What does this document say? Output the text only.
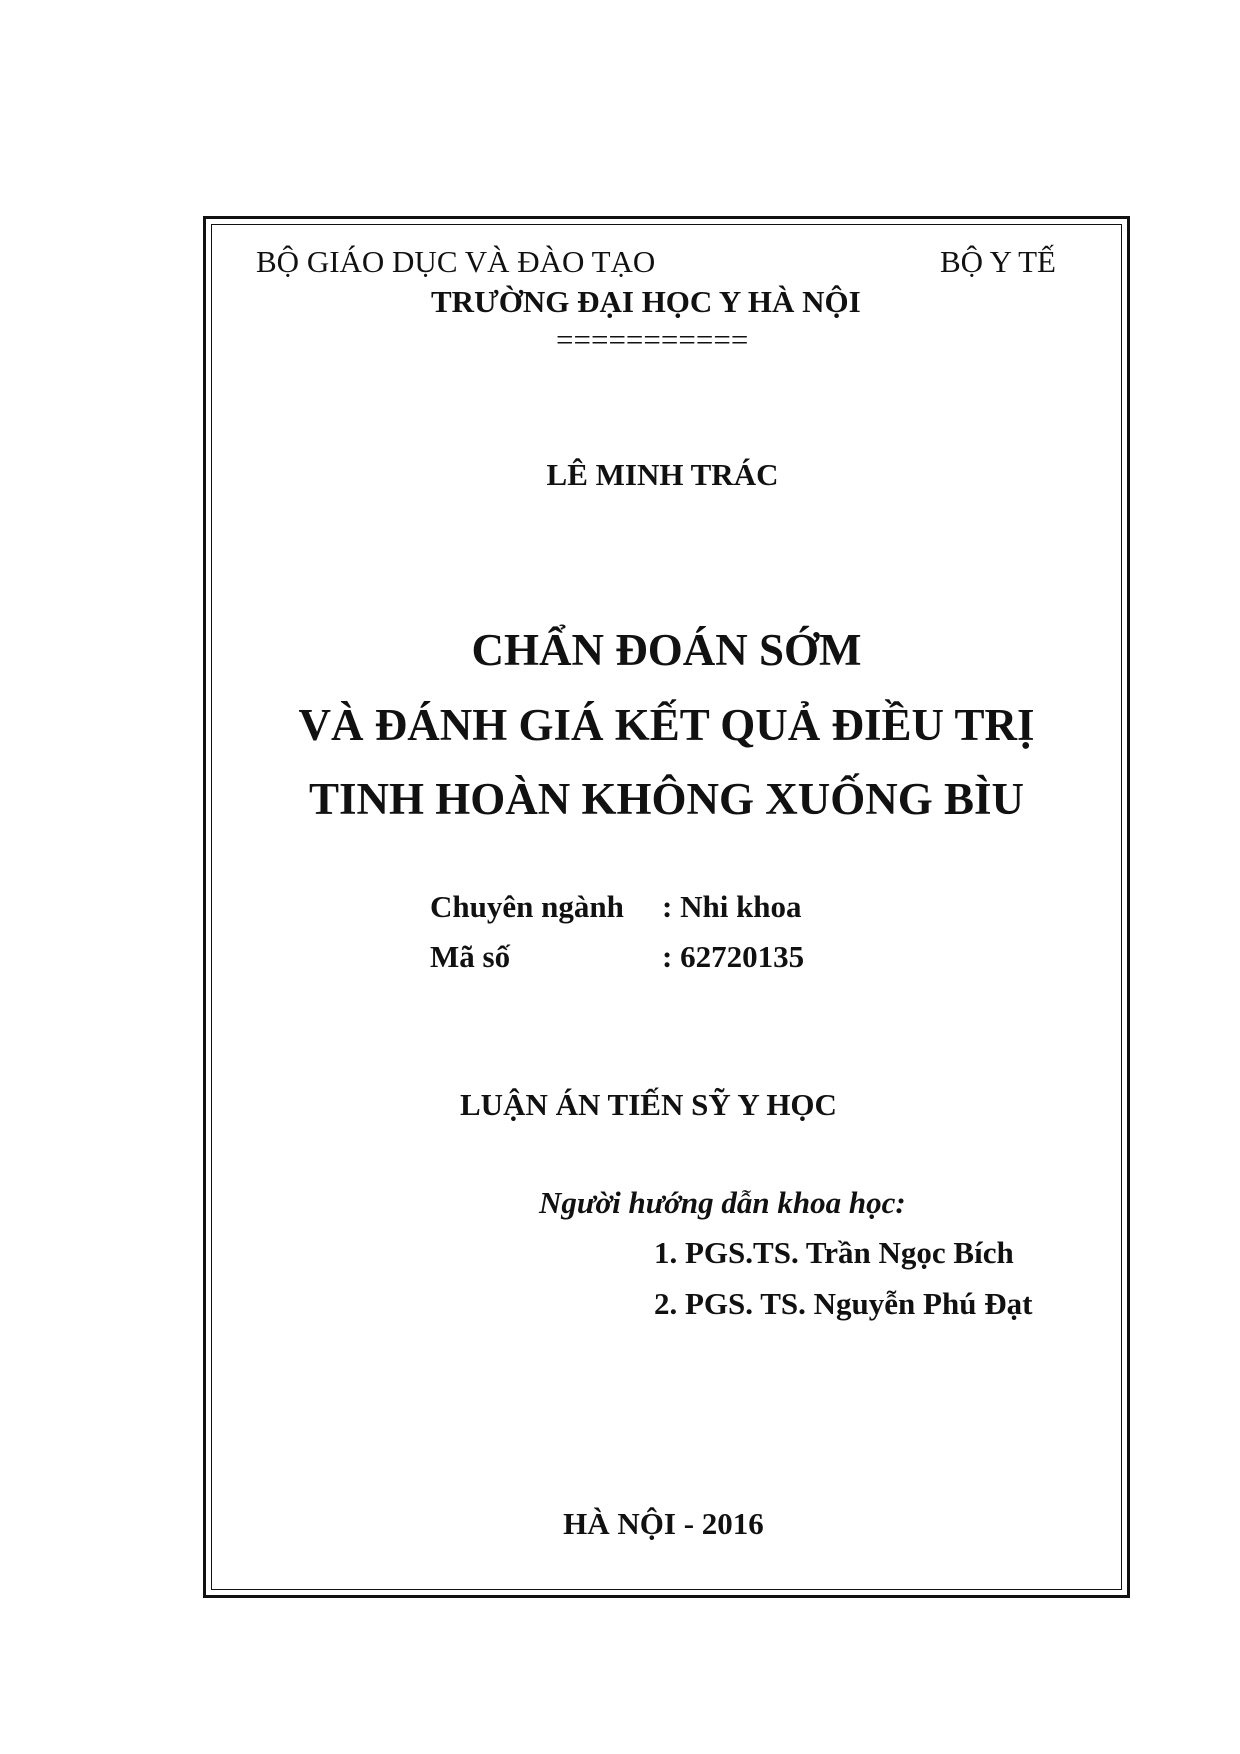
BỘ GIÁO DỤC VÀ ĐÀO TẠO	BỘ Y TẾ
TRƯỜNG ĐẠI HỌC Y HÀ NỘI
===========
LÊ MINH TRÁC
CHẨN ĐOÁN SỚM
VÀ ĐÁNH GIÁ KẾT QUẢ ĐIỀU TRỊ
TINH HOÀN KHÔNG XUỐNG BÌU
Chuyên ngành : Nhi khoa
Mã số	: 62720135
LUẬN ÁN TIẾN SỸ Y HỌC
Người hướng dẫn khoa học:
1. PGS.TS. Trần Ngọc Bích
2. PGS. TS. Nguyễn Phú Đạt
HÀ NỘI - 2016
